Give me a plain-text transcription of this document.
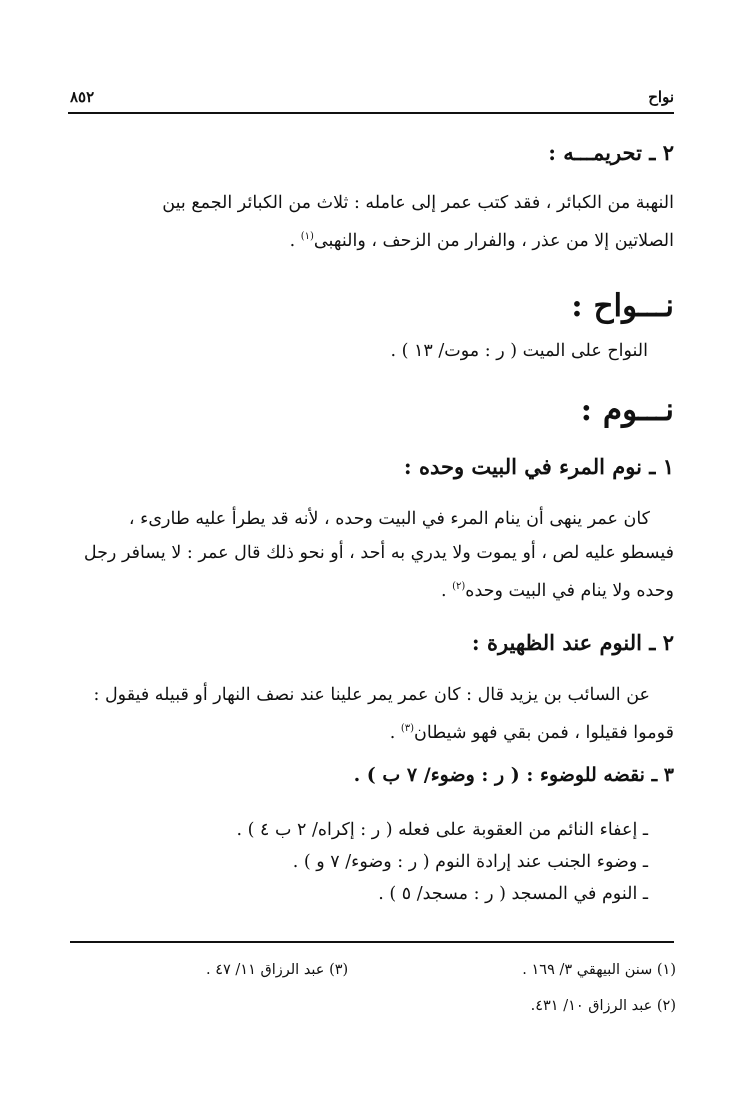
نواح
٨٥٢
٢ ـ تحريمـــه :

النهبة من الكبائر ، فقد كتب عمر إلى عامله : ثلاث من الكبائر الجمع بين

الصلاتين إلا من عذر ، والفرار من الزحف ، والنهبى$^{(١)}$ .

نـــواح :
النواح على الميت ( ر : موت/ ١٣ ) .
نـــوم :
١ ـ نوم المرء في البيت وحده :

كان عمر ينهى أن ينام المرء في البيت وحده ، لأنه قد يطرأ عليه طارىء ،

فيسطو عليه لص ، أو يموت ولا يدري به أحد ، أو نحو ذلك قال عمر : لا يسافر رجل

وحده ولا ينام في البيت وحده$^{(٢)}$ .

٢ ـ النوم عند الظهيرة :

عن السائب بن يزيد قال : كان عمر يمر علينا عند نصف النهار أو قبيله فيقول :

قوموا فقيلوا ، فمن بقي فهو شيطان$^{(٣)}$ .

٣ ـ نقضه للوضوء : ( ر : وضوء/ ٧ ب ) .
ـ إعفاء النائم من العقوبة على فعله ( ر : إكراه/ ٢ ب ٤ ) .
ـ وضوء الجنب عند إرادة النوم ( ر : وضوء/ ٧ و ) .
ـ النوم في المسجد ( ر : مسجد/ ٥ ) .
(١) سنن البيهقي ٣/ ١٦٩ .
(٢) عبد الرزاق ١٠/ ٤٣١.
(٣) عبد الرزاق ١١/ ٤٧ .
